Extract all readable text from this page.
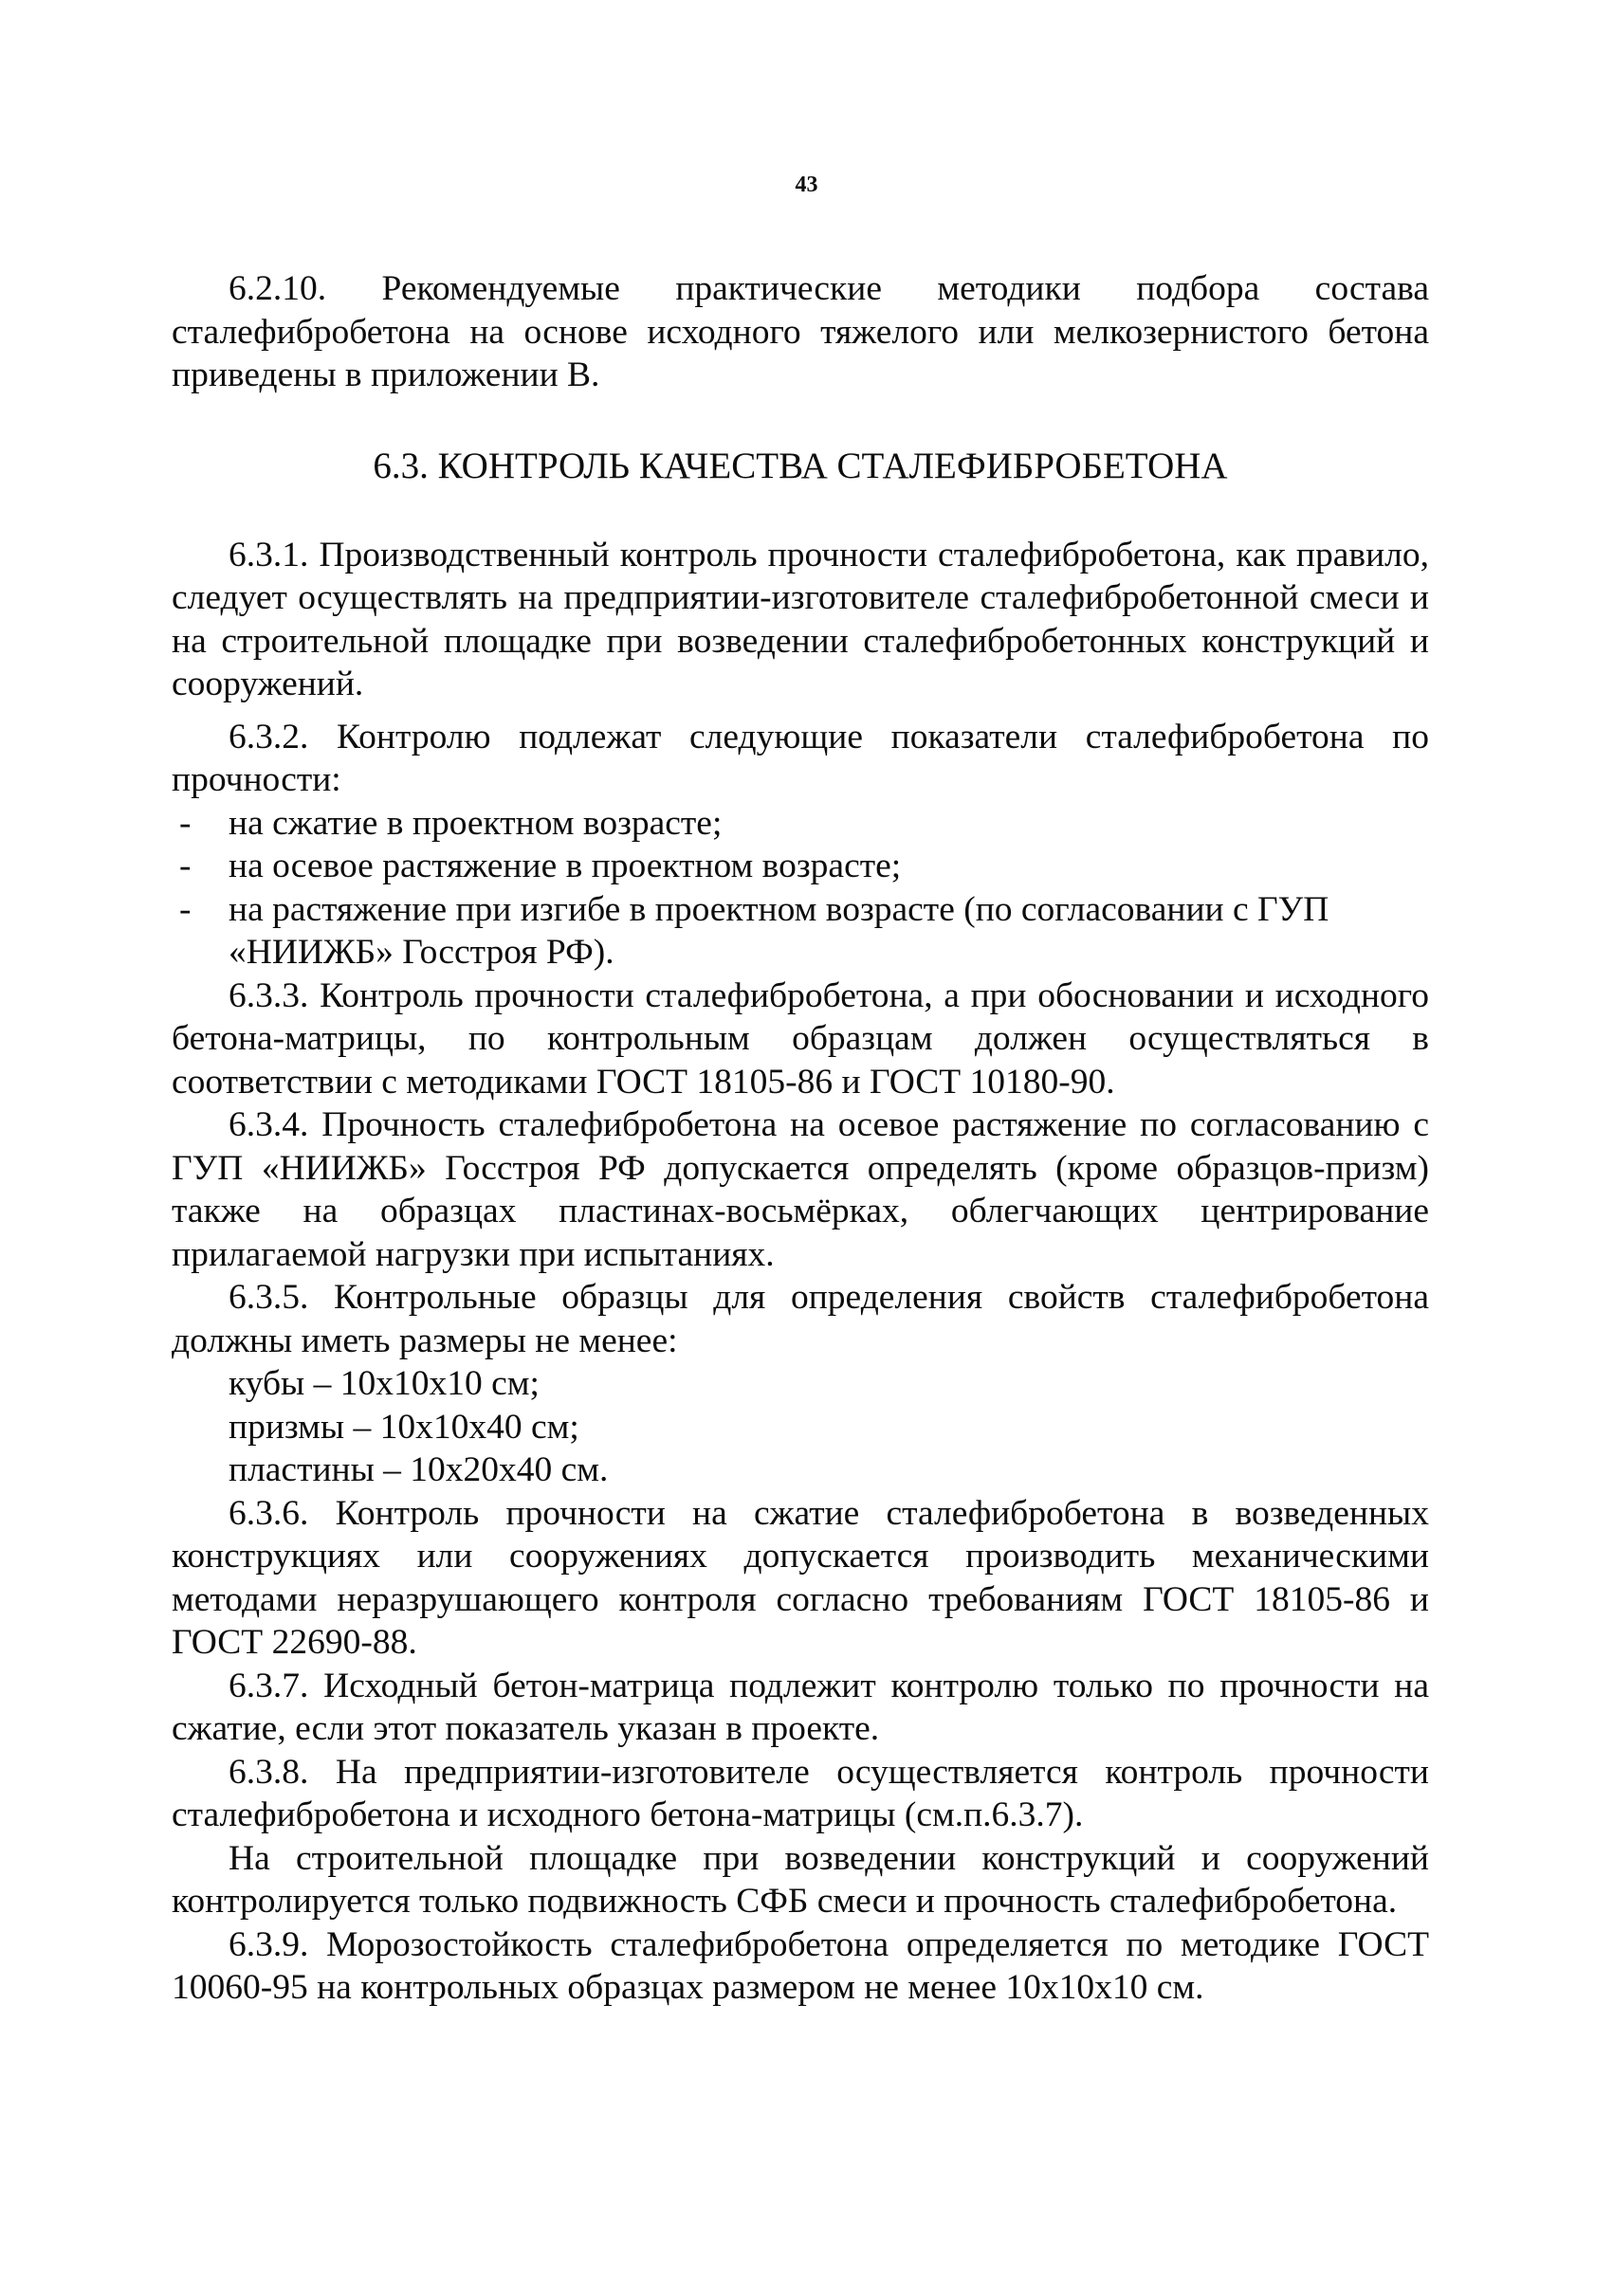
43

6.2.10. Рекомендуемые практические методики подбора состава сталефибробетона на основе исходного тяжелого или мелкозернистого бетона приведены в приложении В.

6.3. КОНТРОЛЬ КАЧЕСТВА СТАЛЕФИБРОБЕТОНА

6.3.1. Производственный контроль прочности сталефибробетона, как правило, следует осуществлять на предприятии-изготовителе сталефибробетонной смеси и на строительной площадке при возведении сталефибробетонных конструкций и сооружений.

6.3.2. Контролю подлежат следующие показатели сталефибробетона по прочности:

- на сжатие в проектном возрасте;
- на осевое растяжение в проектном возрасте;
- на растяжение при изгибе в проектном возрасте (по согласовании с ГУП «НИИЖБ» Госстроя РФ).

6.3.3. Контроль прочности сталефибробетона, а при обосновании и исходного бетона-матрицы, по контрольным образцам должен осуществляться в соответствии с методиками ГОСТ 18105-86 и ГОСТ 10180-90.

6.3.4. Прочность сталефибробетона на осевое растяжение по согласованию с ГУП «НИИЖБ» Госстроя РФ допускается определять (кроме образцов-призм) также на образцах пластинах-восьмёрках, облегчающих центрирование прилагаемой нагрузки при испытаниях.

6.3.5. Контрольные образцы для определения свойств сталефибробетона должны иметь размеры не менее:

кубы – 10х10х10 см;

призмы – 10х10х40 см;

пластины – 10х20х40 см.

6.3.6. Контроль прочности на сжатие сталефибробетона в возведенных конструкциях или сооружениях допускается производить механическими методами неразрушающего контроля согласно требованиям ГОСТ 18105-86 и ГОСТ 22690-88.

6.3.7. Исходный бетон-матрица подлежит контролю только по прочности на сжатие, если этот показатель указан в проекте.

6.3.8. На предприятии-изготовителе осуществляется контроль прочности сталефибробетона и исходного бетона-матрицы (см.п.6.3.7).

На строительной площадке при возведении конструкций и сооружений контролируется только подвижность СФБ смеси и прочность сталефибробетона.

6.3.9. Морозостойкость сталефибробетона определяется по методике ГОСТ 10060-95 на контрольных образцах размером не менее 10х10х10 см.
